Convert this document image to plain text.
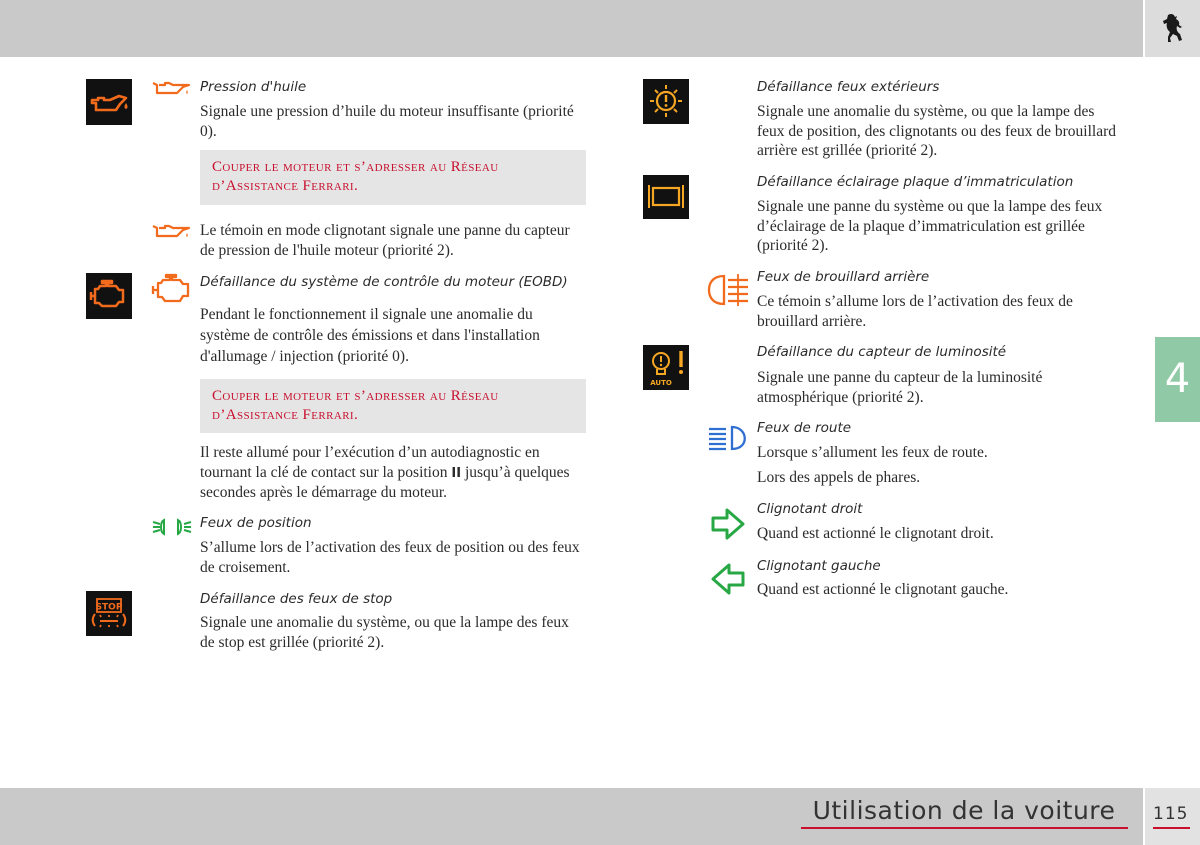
4
Pression d'huile
Signale une pression d’huile du moteur insuffisante (priorité 0).
Couper le moteur et s’adresser au Réseau
d’Assistance Ferrari.
Le témoin en mode clignotant signale une panne du capteur de pression de l'huile moteur (priorité 2).
Défaillance du système de contrôle du moteur (EOBD)
Pendant le fonctionnement il signale une anomalie du système de contrôle des émissions et dans l'installation d'allumage / injection (priorité 0).
Couper le moteur et s’adresser au Réseau
d’Assistance Ferrari.
Il reste allumé pour l’exécution d’un autodiagnostic en tournant la clé de contact sur la position II jusqu’à quelques secondes après le démarrage du moteur.
Feux de position
S’allume lors de l’activation des feux de position ou des feux de croisement.
STOP
Défaillance des feux de stop
Signale une anomalie du système, ou que la lampe des feux de stop est grillée (priorité 2).
Défaillance feux extérieurs
Signale une anomalie du système, ou que la lampe des feux de position, des clignotants ou des feux de brouillard arrière est grillée (priorité 2).
Défaillance éclairage plaque d’immatriculation
Signale une panne du système ou que la lampe des feux d’éclairage de la plaque d’immatriculation est grillée (priorité 2).
Feux de brouillard arrière
Ce témoin s’allume lors de l’activation des feux de brouillard arrière.
AUTO
Défaillance du capteur de luminosité
Signale une panne du capteur de la luminosité atmosphérique (priorité 2).
Feux de route
Lorsque s’allument les feux de route.
Lors des appels de phares.
Clignotant droit
Quand est actionné le clignotant droit.
Clignotant gauche
Quand est actionné le clignotant gauche.
Utilisation de la voiture	115
